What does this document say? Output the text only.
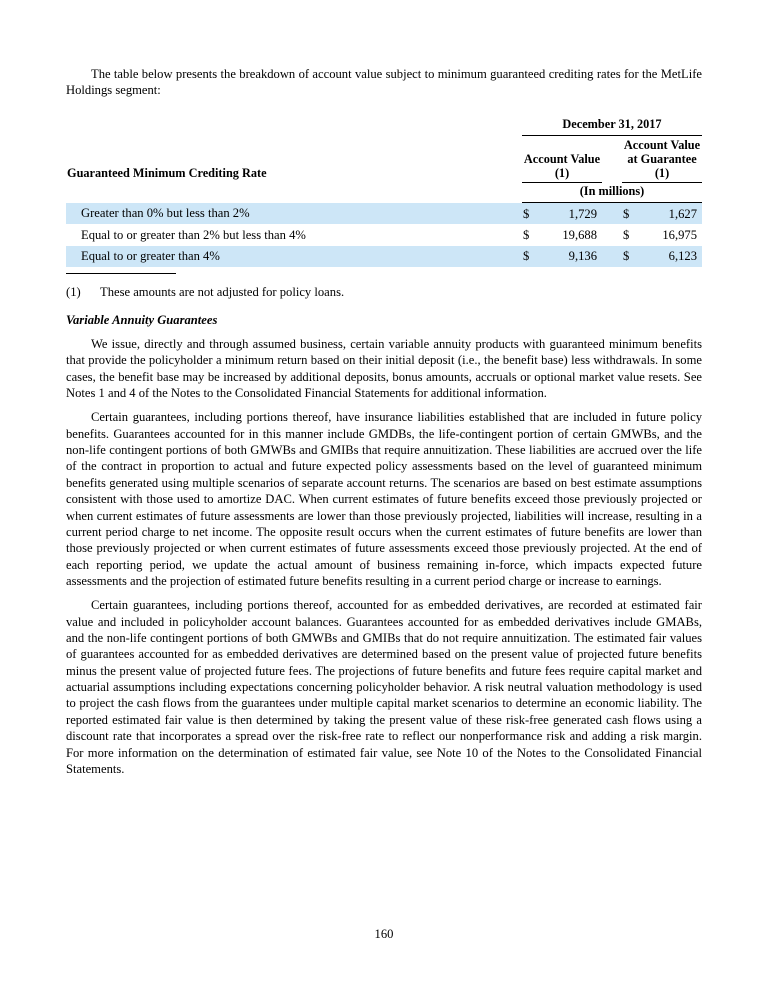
The table below presents the breakdown of account value subject to minimum guaranteed crediting rates for the MetLife Holdings segment:

	December 31, 2017				
Guaranteed Minimum Crediting Rate	Account Value (1)			Account Value at Guarantee (1)	
	(In millions)				
Greater than 0% but less than 2%	$	1,729		$	1,627
Equal to or greater than 2% but less than 4%	$	19,688		$	16,975
Equal to or greater than 4%	$	9,136		$	6,123
(1)	These amounts are not adjusted for policy loans.
Variable Annuity Guarantees

We issue, directly and through assumed business, certain variable annuity products with guaranteed minimum benefits that provide the policyholder a minimum return based on their initial deposit (i.e., the benefit base) less withdrawals. In some cases, the benefit base may be increased by additional deposits, bonus amounts, accruals or optional market value resets. See Notes 1 and 4 of the Notes to the Consolidated Financial Statements for additional information.

Certain guarantees, including portions thereof, have insurance liabilities established that are included in future policy benefits. Guarantees accounted for in this manner include GMDBs, the life-contingent portion of certain GMWBs, and the non-life contingent portions of both GMWBs and GMIBs that require annuitization. These liabilities are accrued over the life of the contract in proportion to actual and future expected policy assessments based on the level of guaranteed minimum benefits generated using multiple scenarios of separate account returns. The scenarios are based on best estimate assumptions consistent with those used to amortize DAC. When current estimates of future benefits exceed those previously projected or when current estimates of future assessments are lower than those previously projected, liabilities will increase, resulting in a current period charge to net income. The opposite result occurs when the current estimates of future benefits are lower than those previously projected or when current estimates of future assessments exceed those previously projected. At the end of each reporting period, we update the actual amount of business remaining in-force, which impacts expected future assessments and the projection of estimated future benefits resulting in a current period charge or increase to earnings.

Certain guarantees, including portions thereof, accounted for as embedded derivatives, are recorded at estimated fair value and included in policyholder account balances. Guarantees accounted for as embedded derivatives include GMABs, and the non-life contingent portions of both GMWBs and GMIBs that do not require annuitization. The estimated fair values of guarantees accounted for as embedded derivatives are determined based on the present value of projected future benefits minus the present value of projected future fees. The projections of future benefits and future fees require capital market and actuarial assumptions including expectations concerning policyholder behavior. A risk neutral valuation methodology is used to project the cash flows from the guarantees under multiple capital market scenarios to determine an economic liability. The reported estimated fair value is then determined by taking the present value of these risk-free generated cash flows using a discount rate that incorporates a spread over the risk-free rate to reflect our nonperformance risk and adding a risk margin. For more information on the determination of estimated fair value, see Note 10 of the Notes to the Consolidated Financial Statements.

160
